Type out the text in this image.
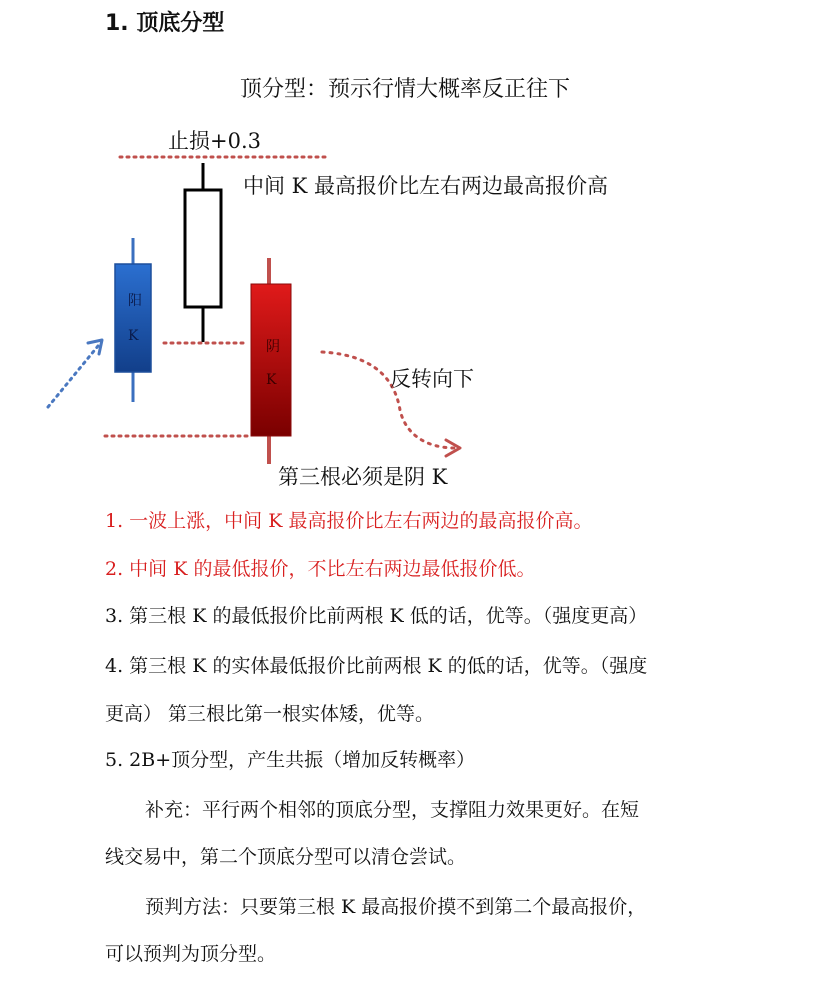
1. 顶底分型
顶分型：预示行情大概率反正往下
止损+0.3
中间 K 最高报价比左右两边最高报价高
反转向下
第三根必须是阴 K
阳
K
阴
K
1. 一波上涨，中间 K 最高报价比左右两边的最高报价高。
2. 中间 K 的最低报价，不比左右两边最低报价低。
3. 第三根 K 的最低报价比前两根 K 低的话，优等。（强度更高）
4. 第三根 K 的实体最低报价比前两根 K 的低的话，优等。（强度
更高） 第三根比第一根实体矮，优等。
5. 2B+顶分型，产生共振（增加反转概率）
补充：平行两个相邻的顶底分型，支撑阻力效果更好。在短
线交易中，第二个顶底分型可以清仓尝试。
预判方法：只要第三根 K 最高报价摸不到第二个最高报价，
可以预判为顶分型。
